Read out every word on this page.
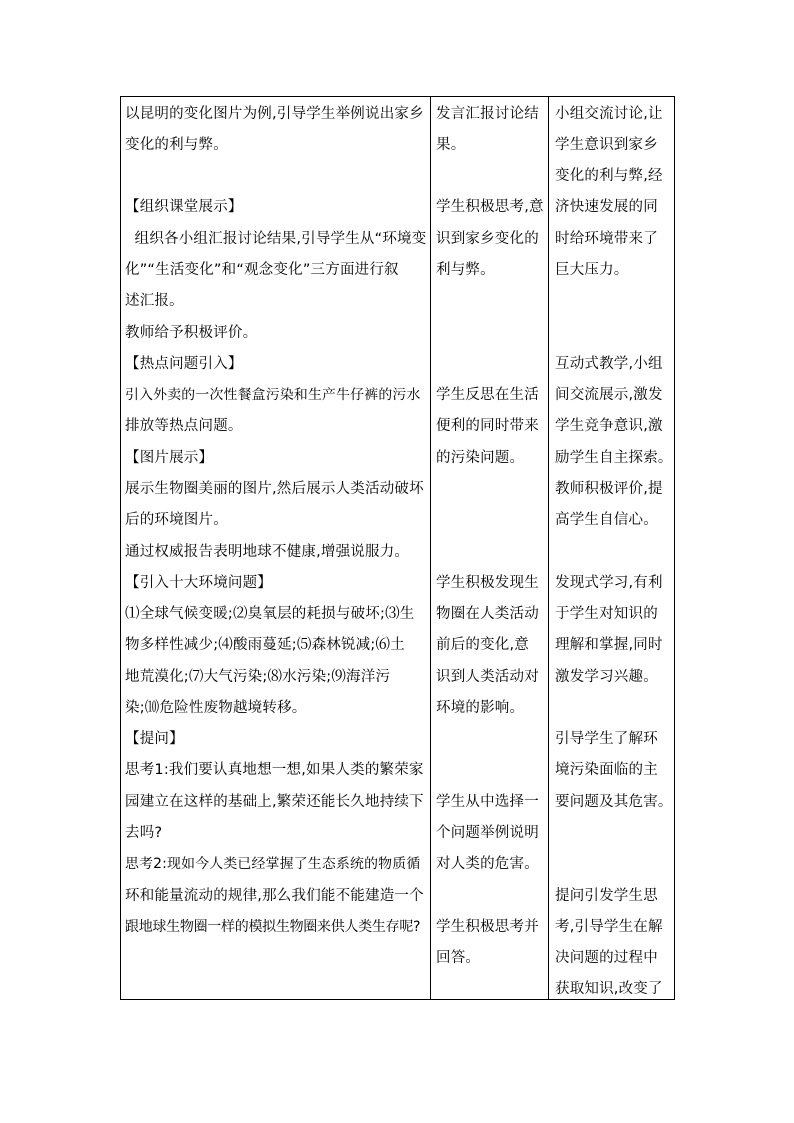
以昆明的变化图片为例,引导学生举例说出家乡
变化的利与弊。
【组织课堂展示】
组织各小组汇报讨论结果,引导学生从“环境变
化”“生活变化”和“观念变化”三方面进行叙
述汇报。
教师给予积极评价。
【热点问题引入】
引入外卖的一次性餐盒污染和生产牛仔裤的污水
排放等热点问题。
【图片展示】
展示生物圈美丽的图片,然后展示人类活动破坏
后的环境图片。
通过权威报告表明地球不健康,增强说服力。
【引入十大环境问题】
⑴全球气候变暖;⑵臭氧层的耗损与破坏;⑶生
物多样性减少;⑷酸雨蔓延;⑸森林锐减;⑹土
地荒漠化;⑺大气污染;⑻水污染;⑼海洋污
染;⑽危险性废物越境转移。
【提问】
思考1:我们要认真地想一想,如果人类的繁荣家
园建立在这样的基础上,繁荣还能长久地持续下
去吗?
思考2:现如今人类已经掌握了生态系统的物质循
环和能量流动的规律,那么我们能不能建造一个
跟地球生物圈一样的模拟生物圈来供人类生存呢?
发言汇报讨论结
果。
学生积极思考,意
识到家乡变化的
利与弊。
学生反思在生活
便利的同时带来
的污染问题。
学生积极发现生
物圈在人类活动
前后的变化,意
识到人类活动对
环境的影响。
学生从中选择一
个问题举例说明
对人类的危害。
学生积极思考并
回答。
小组交流讨论,让
学生意识到家乡
变化的利与弊,经
济快速发展的同
时给环境带来了
巨大压力。
互动式教学,小组
间交流展示,激发
学生竞争意识,激
励学生自主探索。
教师积极评价,提
高学生自信心。
发现式学习,有利
于学生对知识的
理解和掌握,同时
激发学习兴趣。
引导学生了解环
境污染面临的主
要问题及其危害。
提问引发学生思
考,引导学生在解
决问题的过程中
获取知识,改变了
